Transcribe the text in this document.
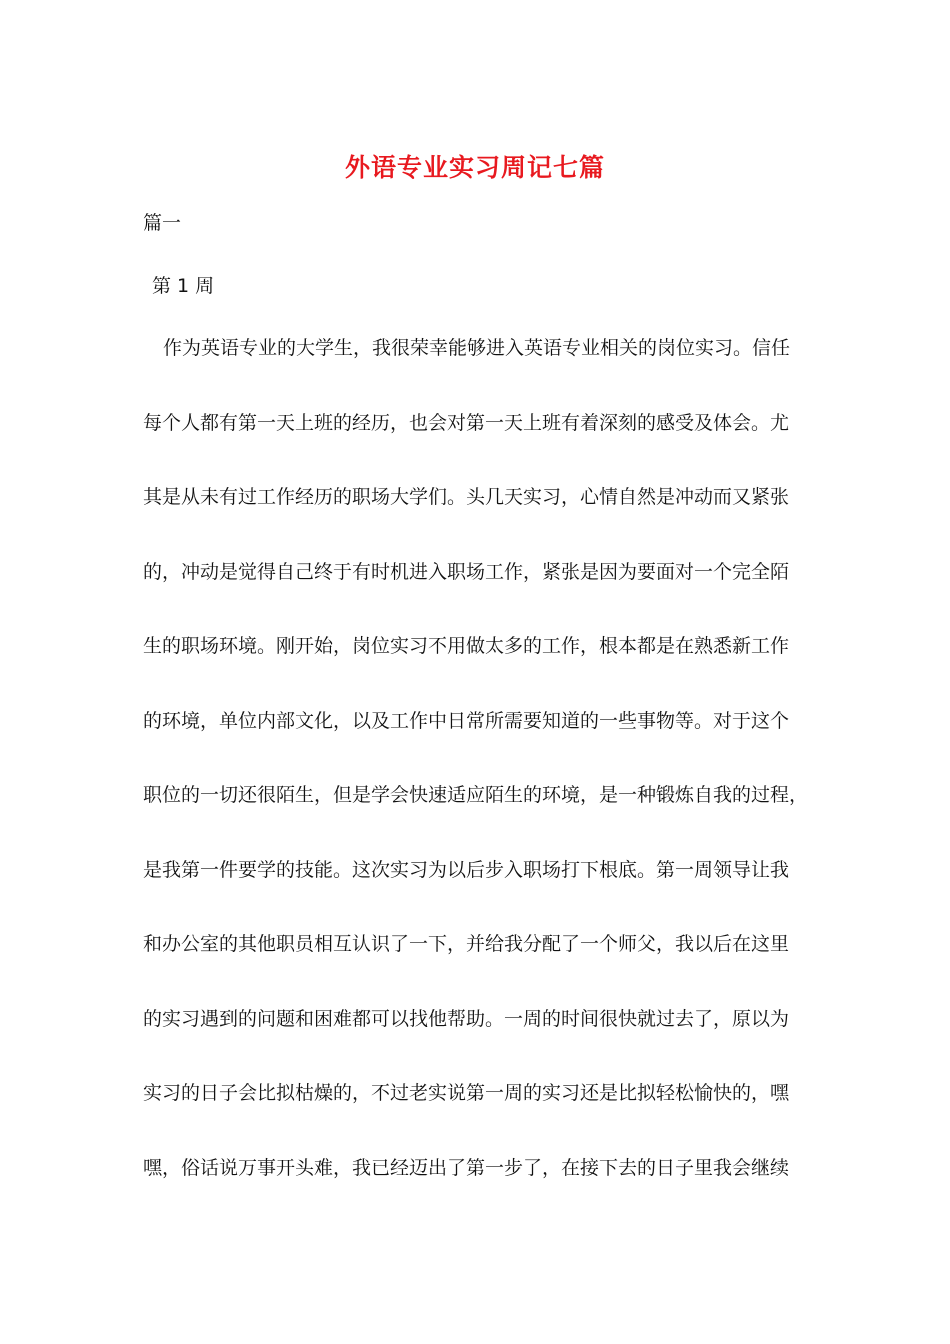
外语专业实习周记七篇
篇一
第 1 周
作为英语专业的大学生，我很荣幸能够进入英语专业相关的岗位实习。信任
每个人都有第一天上班的经历，也会对第一天上班有着深刻的感受及体会。尤
其是从未有过工作经历的职场大学们。头几天实习，心情自然是冲动而又紧张
的，冲动是觉得自己终于有时机进入职场工作，紧张是因为要面对一个完全陌
生的职场环境。刚开始，岗位实习不用做太多的工作，根本都是在熟悉新工作
的环境，单位内部文化，以及工作中日常所需要知道的一些事物等。对于这个
职位的一切还很陌生，但是学会快速适应陌生的环境，是一种锻炼自我的过程，
是我第一件要学的技能。这次实习为以后步入职场打下根底。第一周领导让我
和办公室的其他职员相互认识了一下，并给我分配了一个师父，我以后在这里
的实习遇到的问题和困难都可以找他帮助。一周的时间很快就过去了，原以为
实习的日子会比拟枯燥的，不过老实说第一周的实习还是比拟轻松愉快的，嘿
嘿，俗话说万事开头难，我已经迈出了第一步了，在接下去的日子里我会继续
